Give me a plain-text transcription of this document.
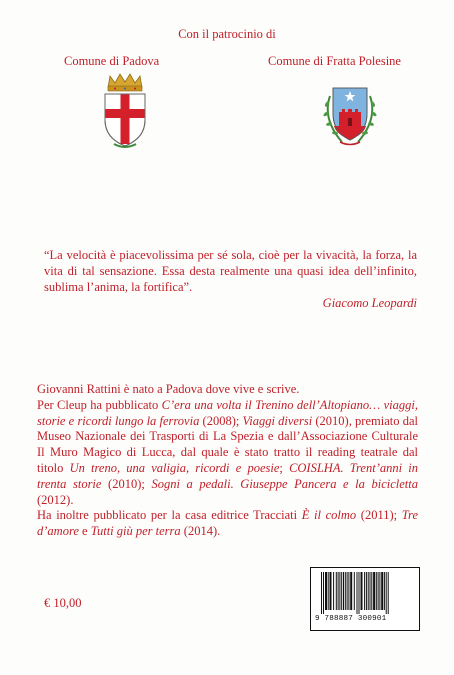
Con il patrocinio di
Comune di Padova	Comune di Fratta Polesine
“La velocità è piacevolissima per sé sola, cioè per la vivacità, la forza, la vita di tal sensazione. Essa desta realmente una quasi idea dell’infinito, sublima l’anima, la fortifica”.
Giacomo Leopardi

Giovanni Rattini è nato a Padova dove vive e scrive.

Per Cleup ha pubblicato C’era una volta il Trenino dell’Altopiano… viaggi, storie e ricordi lungo la ferrovia (2008); Viaggi diversi (2010), premiato dal Museo Nazionale dei Trasporti di La Spezia e dall’Associazione Culturale Il Muro Magico di Lucca, dal quale è stato tratto il reading teatrale dal titolo Un treno, una valigia, ricordi e poesie; COISLHA. Trent’anni in trenta storie (2010); Sogni a pedali. Giuseppe Pancera e la bicicletta (2012).

Ha inoltre pubblicato per la casa editrice Tracciati È il colmo (2011); Tre d’amore e Tutti giù per terra (2014).

€ 10,00
9 788887 300901
